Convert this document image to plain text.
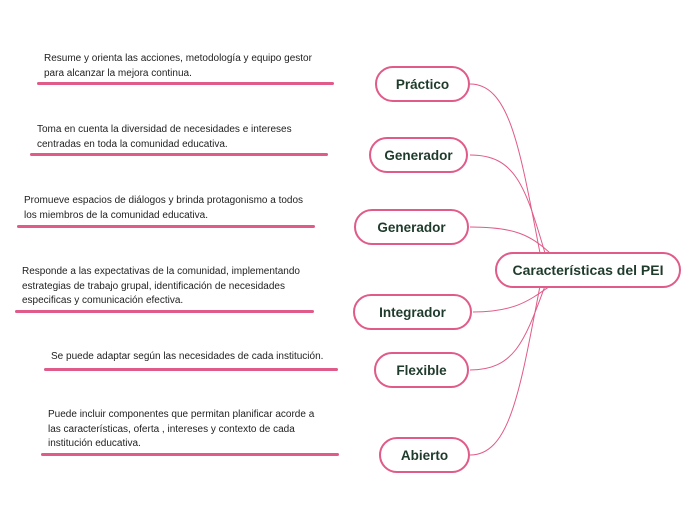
Características del PEI

Resume y orienta las acciones, metodología y equipo gestor para alcanzar la mejora continua.

Práctico

Toma en cuenta la diversidad de necesidades e intereses centradas en toda la comunidad educativa.

Generador

Promueve espacios de diálogos y brinda protagonismo a todos los miembros de la comunidad educativa.

Generador

Responde a las expectativas de la comunidad, implementando estrategias de trabajo grupal, identificación de necesidades especificas y comunicación efectiva.

Integrador

Se puede adaptar según las necesidades de cada institución.

Flexible

Puede incluir componentes que permitan planificar acorde a las características, oferta , intereses y contexto de cada institución educativa.

Abierto
